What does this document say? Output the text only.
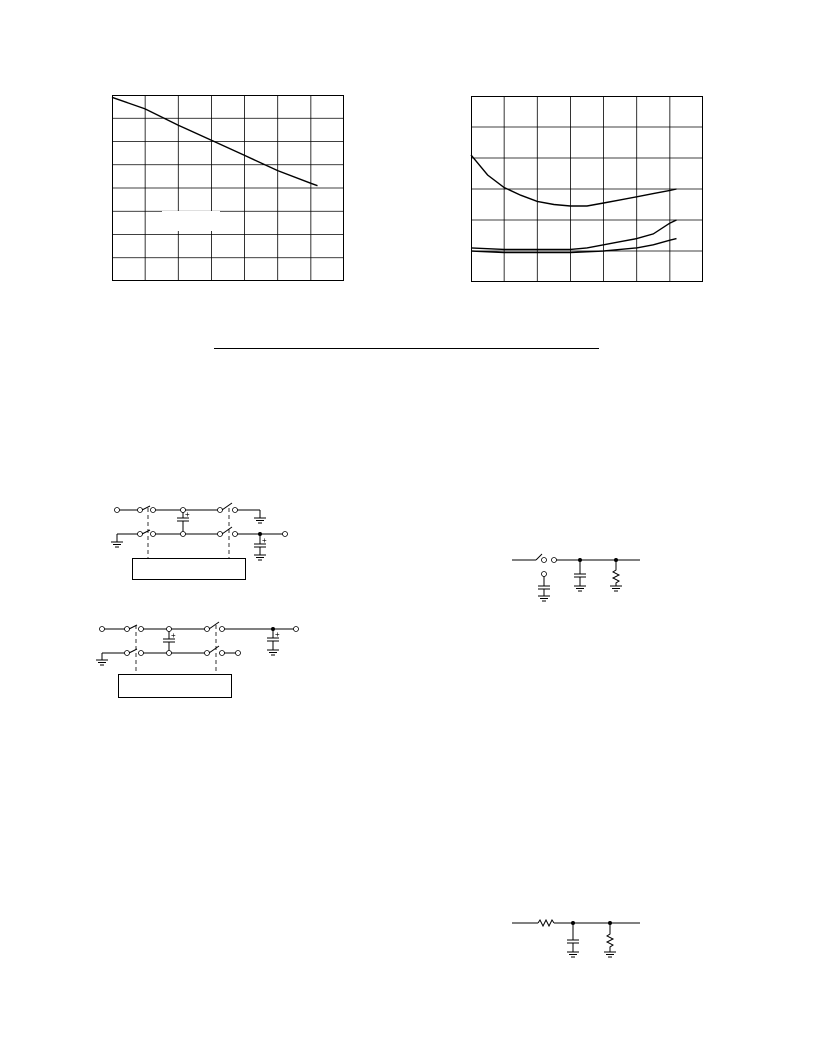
+
+
+
+
